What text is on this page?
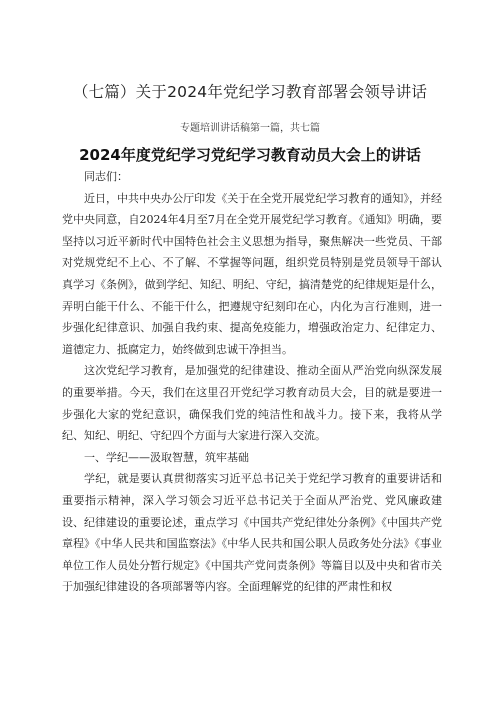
（七篇）关于2024年党纪学习教育部署会领导讲话
专题培训讲话稿第一篇，共七篇
2024年度党纪学习党纪学习教育动员大会上的讲话

同志们：

近日，中共中央办公厅印发《关于在全党开展党纪学习教育的通知》，并经党中央同意，自2024年4月至7月在全党开展党纪学习教育。《通知》明确，要坚持以习近平新时代中国特色社会主义思想为指导，聚焦解决一些党员、干部对党规党纪不上心、不了解、不掌握等问题，组织党员特别是党员领导干部认真学习《条例》，做到学纪、知纪、明纪、守纪，搞清楚党的纪律规矩是什么，弄明白能干什么、不能干什么，把遵规守纪刻印在心，内化为言行准则，进一步强化纪律意识、加强自我约束、提高免疫能力，增强政治定力、纪律定力、道德定力、抵腐定力，始终做到忠诚干净担当。

这次党纪学习教育，是加强党的纪律建设、推动全面从严治党向纵深发展的重要举措。今天，我们在这里召开党纪学习教育动员大会，目的就是要进一步强化大家的党纪意识，确保我们党的纯洁性和战斗力。接下来，我将从学纪、知纪、明纪、守纪四个方面与大家进行深入交流。

一、学纪——汲取智慧，筑牢基础

学纪，就是要认真贯彻落实习近平总书记关于党纪学习教育的重要讲话和重要指示精神，深入学习领会习近平总书记关于全面从严治党、党风廉政建设、纪律建设的重要论述，重点学习《中国共产党纪律处分条例》《中国共产党章程》《中华人民共和国监察法》《中华人民共和国公职人员政务处分法》《事业单位工作人员处分暂行规定》《中国共产党问责条例》等篇目以及中央和省市关于加强纪律建设的各项部署等内容。全面理解党的纪律的严肃性和权
